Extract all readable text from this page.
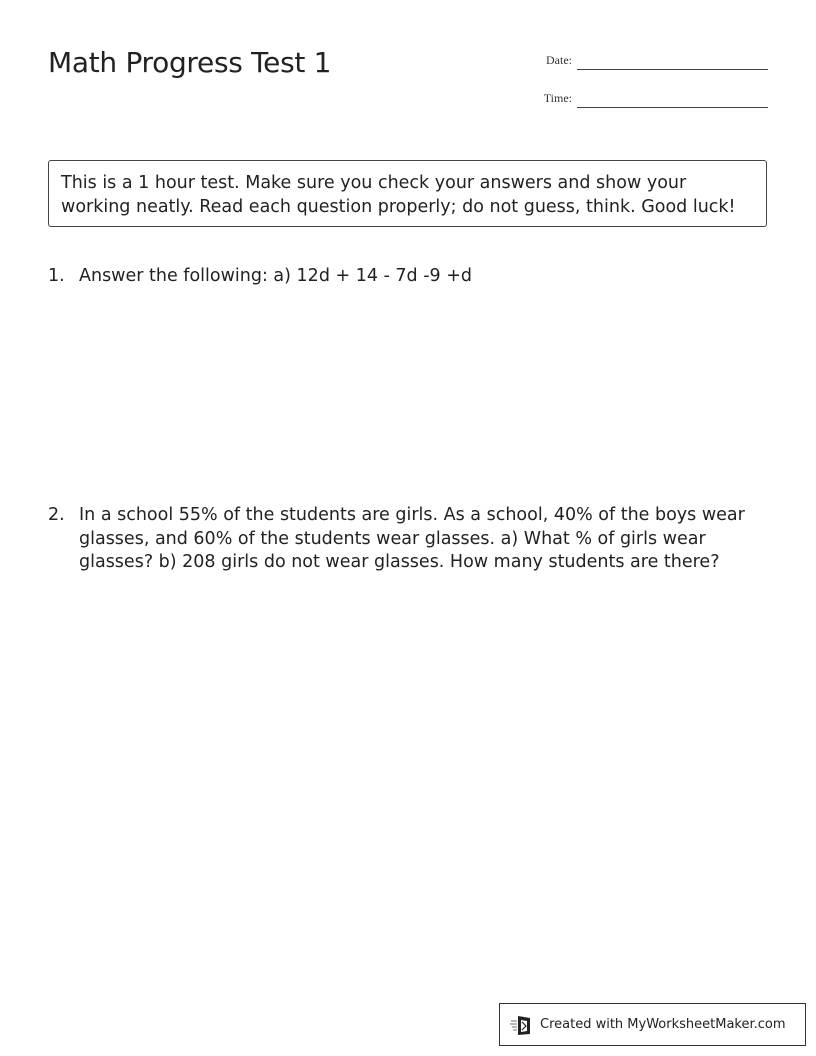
Math Progress Test 1	Date:
Time:
This is a 1 hour test. Make sure you check your answers and show your working neatly. Read each question properly; do not guess, think. Good luck!
1. Answer the following: a) 12d + 14 - 7d -9 +d
2. In a school 55% of the students are girls. As a school, 40% of the boys wear glasses, and 60% of the students wear glasses. a) What % of girls wear glasses? b) 208 girls do not wear glasses. How many students are there?
Created with MyWorksheetMaker.com
